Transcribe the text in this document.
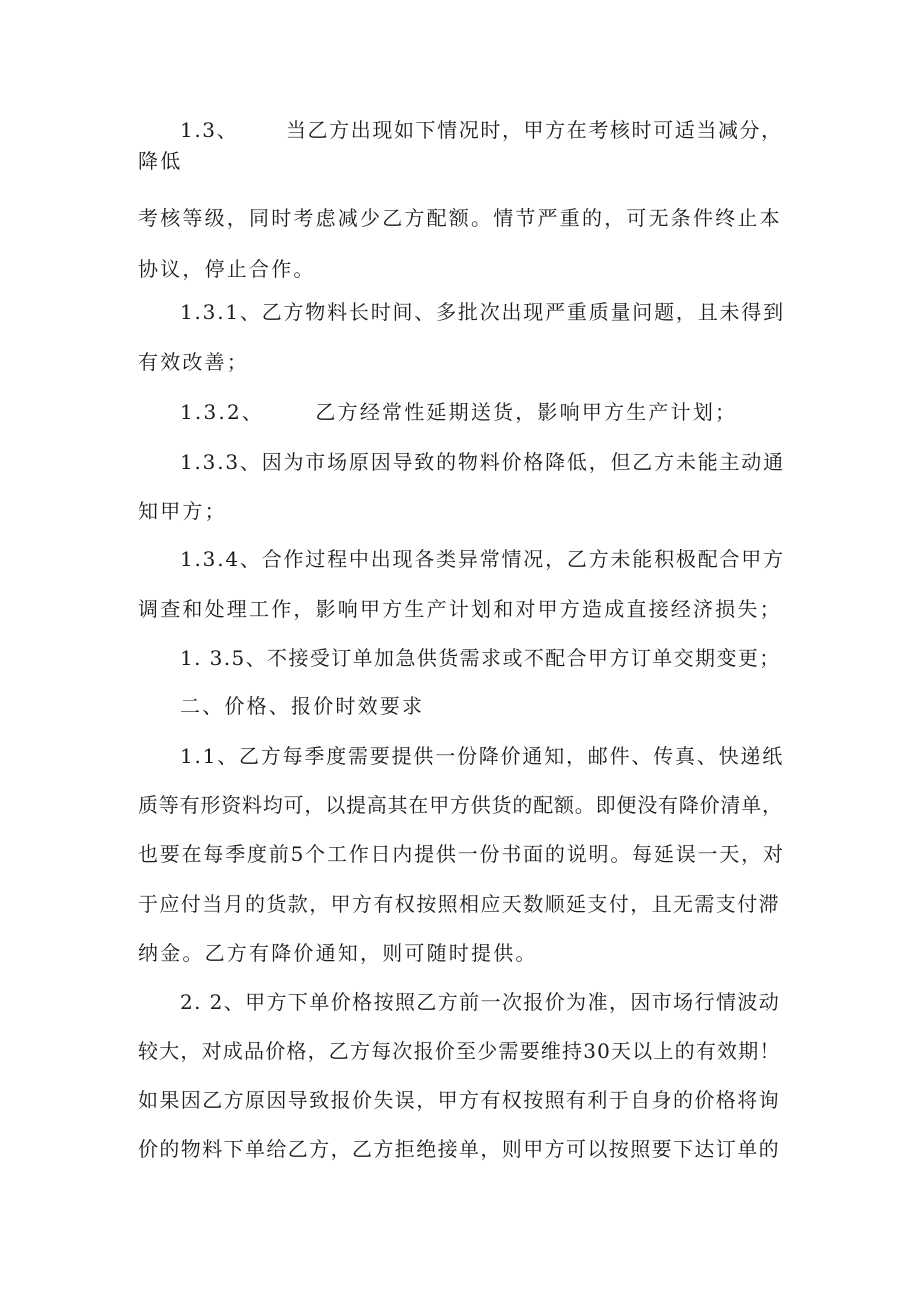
1.3、      当乙方出现如下情况时，甲方在考核时可适当减分，

降低

考核等级，同时考虑减少乙方配额。情节严重的，可无条件终止本

协议，停止合作。

1.3.1、乙方物料长时间、多批次出现严重质量问题，且未得到

有效改善；

1.3.2、      乙方经常性延期送货，影响甲方生产计划；

1.3.3、因为市场原因导致的物料价格降低，但乙方未能主动通

知甲方；

1.3.4、合作过程中出现各类异常情况，乙方未能积极配合甲方

调查和处理工作，影响甲方生产计划和对甲方造成直接经济损失；

1. 3.5、不接受订单加急供货需求或不配合甲方订单交期变更；

二、价格、报价时效要求

1.1、乙方每季度需要提供一份降价通知，邮件、传真、快递纸

质等有形资料均可，以提高其在甲方供货的配额。即便没有降价清单，

也要在每季度前5个工作日内提供一份书面的说明。每延误一天，对

于应付当月的货款，甲方有权按照相应天数顺延支付，且无需支付滞

纳金。乙方有降价通知，则可随时提供。

2. 2、甲方下单价格按照乙方前一次报价为准，因市场行情波动

较大，对成品价格，乙方每次报价至少需要维持30天以上的有效期！

如果因乙方原因导致报价失误，甲方有权按照有利于自身的价格将询

价的物料下单给乙方，乙方拒绝接单，则甲方可以按照要下达订单的
